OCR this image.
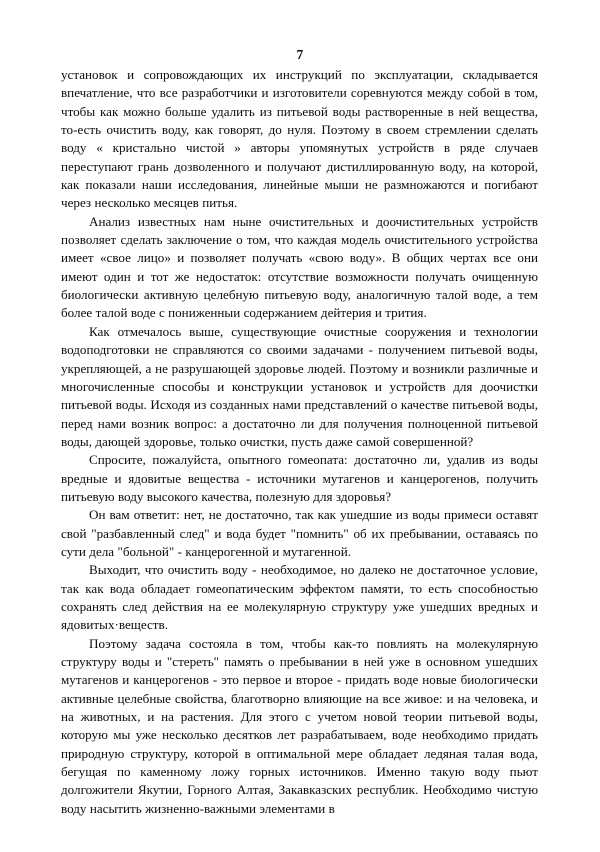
7

установок и сопровождающих их инструкций по эксплуатации, складывается впечатление, что все разработчики и изготовители соревнуются между собой в том, чтобы как можно больше удалить из питьевой воды растворенные в ней вещества, то-есть очистить воду, как говорят, до нуля. Поэтому в своем стремлении сделать воду « кристально чистой » авторы упомянутых устройств в ряде случаев переступают грань дозволенного и получают дистиллированную воду, на которой, как показали наши исследования, линейные мыши не размножаются и погибают через несколько месяцев питья.

Анализ известных нам ныне очистительных и доочистительных устройств позволяет сделать заключение о том, что каждая модель очистительного устройства имеет «свое лицо» и позволяет получать «свою воду». В общих чертах все они имеют один и тот же недостаток: отсутствие возможности получать очищенную биологически активную целебную питьевую воду, аналогичную талой воде, а тем более талой воде с пониженныи содержанием дейтерия и трития.

Как отмечалось выше, существующие очистные сооружения и технологии водоподготовки не справляются со своими задачами - получением питьевой воды, укрепляющей, а не разрушающей здоровье людей. Поэтому и возникли различные и многочисленные способы и конструкции установок и устройств для доочистки питьевой воды. Исходя из созданных нами представлений о качестве питьевой воды, перед нами возник вопрос: а достаточно ли для получения полноценной питьевой воды, дающей здоровье, только очистки, пусть даже самой совершенной?

Спросите, пожалуйста, опытного гомеопата: достаточно ли, удалив из воды вредные и ядовитые вещества - источники мутагенов и канцерогенов, получить питьевую воду высокого качества, полезную для здоровья?

Он вам ответит: нет, не достаточно, так как ушедшие из воды примеси оставят свой "разбавленный след" и вода будет "помнить" об их пребывании, оставаясь по сути дела "больной" - канцерогенной и мутагенной.

Выходит, что очистить воду - необходимое, но далеко не достаточное условие, так как вода обладает гомеопатическим эффектом памяти, то есть способностью сохранять след действия на ее молекулярную структуру уже ушедших вредных и ядовитых·веществ.

Поэтому задача состояла в том, чтобы как-то повлиять на молекулярную структуру воды и "стереть" память о пребывании в ней уже в основном ушедших мутагенов и канцерогенов - это первое и второе - придать воде новые биологически активные целебные свойства, благотворно влияющие на все живое: и на человека, и на животных, и на растения. Для этого с учетом новой теории питьевой воды, которую мы уже несколько десятков лет разрабатываем, воде необходимо придать природную структуру, которой в оптимальной мере обладает ледяная талая вода, бегущая по каменному ложу горных источников. Именно такую воду пьют долгожители Якутии, Горного Алтая, Закавказских республик. Необходимо чистую воду насытить жизненно-важными элементами в
